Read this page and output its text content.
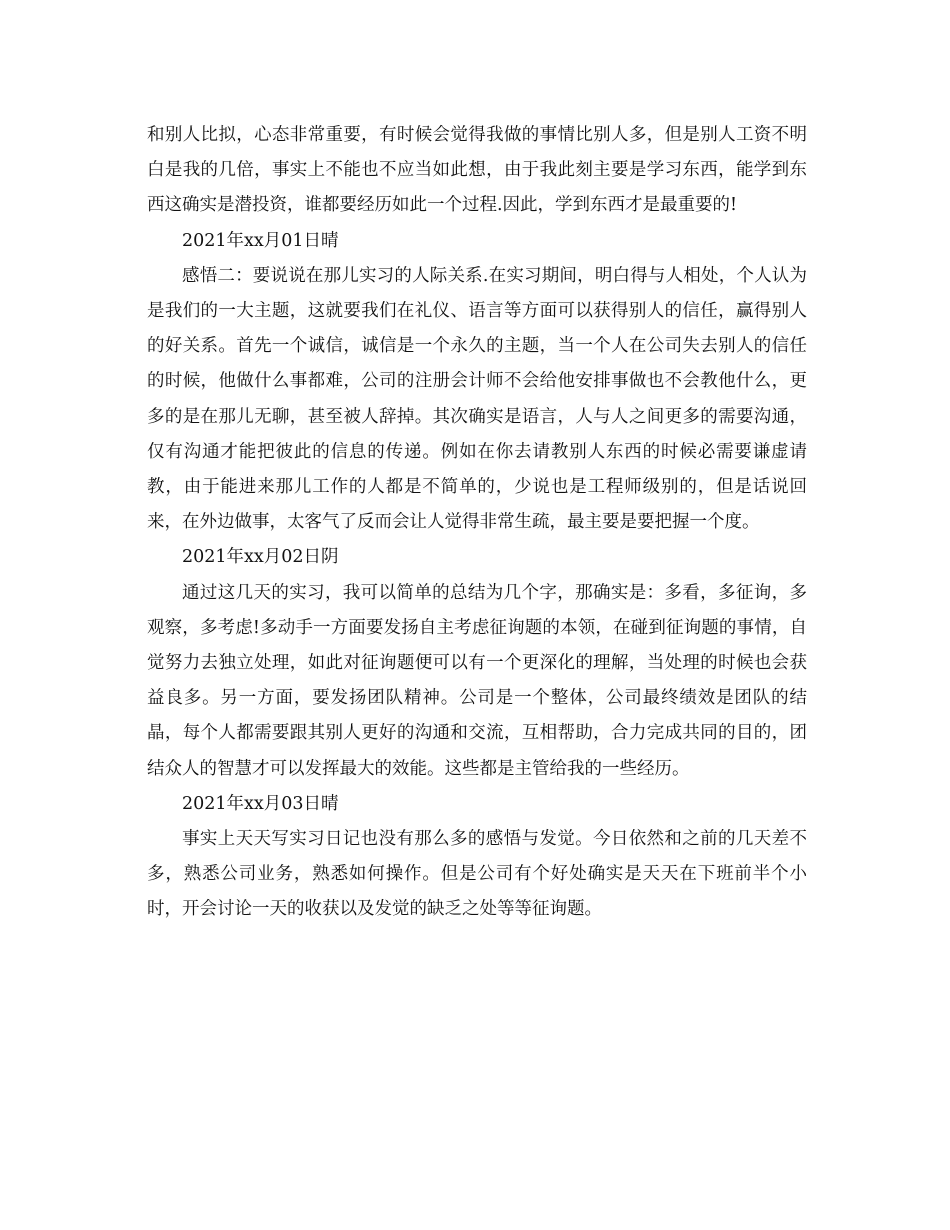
和别人比拟，心态非常重要，有时候会觉得我做的事情比别人多，但是别人工资不明白是我的几倍，事实上不能也不应当如此想，由于我此刻主要是学习东西，能学到东西这确实是潜投资，谁都要经历如此一个过程.因此，学到东西才是最重要的!

2021年xx月01日晴

感悟二：要说说在那儿实习的人际关系.在实习期间，明白得与人相处，个人认为是我们的一大主题，这就要我们在礼仪、语言等方面可以获得别人的信任，赢得别人的好关系。首先一个诚信，诚信是一个永久的主题，当一个人在公司失去别人的信任的时候，他做什么事都难，公司的注册会计师不会给他安排事做也不会教他什么，更多的是在那儿无聊，甚至被人辞掉。其次确实是语言，人与人之间更多的需要沟通，仅有沟通才能把彼此的信息的传递。例如在你去请教别人东西的时候必需要谦虚请教，由于能进来那儿工作的人都是不简单的，少说也是工程师级别的，但是话说回来，在外边做事，太客气了反而会让人觉得非常生疏，最主要是要把握一个度。

2021年xx月02日阴

通过这几天的实习，我可以简单的总结为几个字，那确实是：多看，多征询，多观察，多考虑!多动手一方面要发扬自主考虑征询题的本领，在碰到征询题的事情，自觉努力去独立处理，如此对征询题便可以有一个更深化的理解，当处理的时候也会获益良多。另一方面，要发扬团队精神。公司是一个整体，公司最终绩效是团队的结晶，每个人都需要跟其别人更好的沟通和交流，互相帮助，合力完成共同的目的，团结众人的智慧才可以发挥最大的效能。这些都是主管给我的一些经历。

2021年xx月03日晴

事实上天天写实习日记也没有那么多的感悟与发觉。今日依然和之前的几天差不多，熟悉公司业务，熟悉如何操作。但是公司有个好处确实是天天在下班前半个小时，开会讨论一天的收获以及发觉的缺乏之处等等征询题。
